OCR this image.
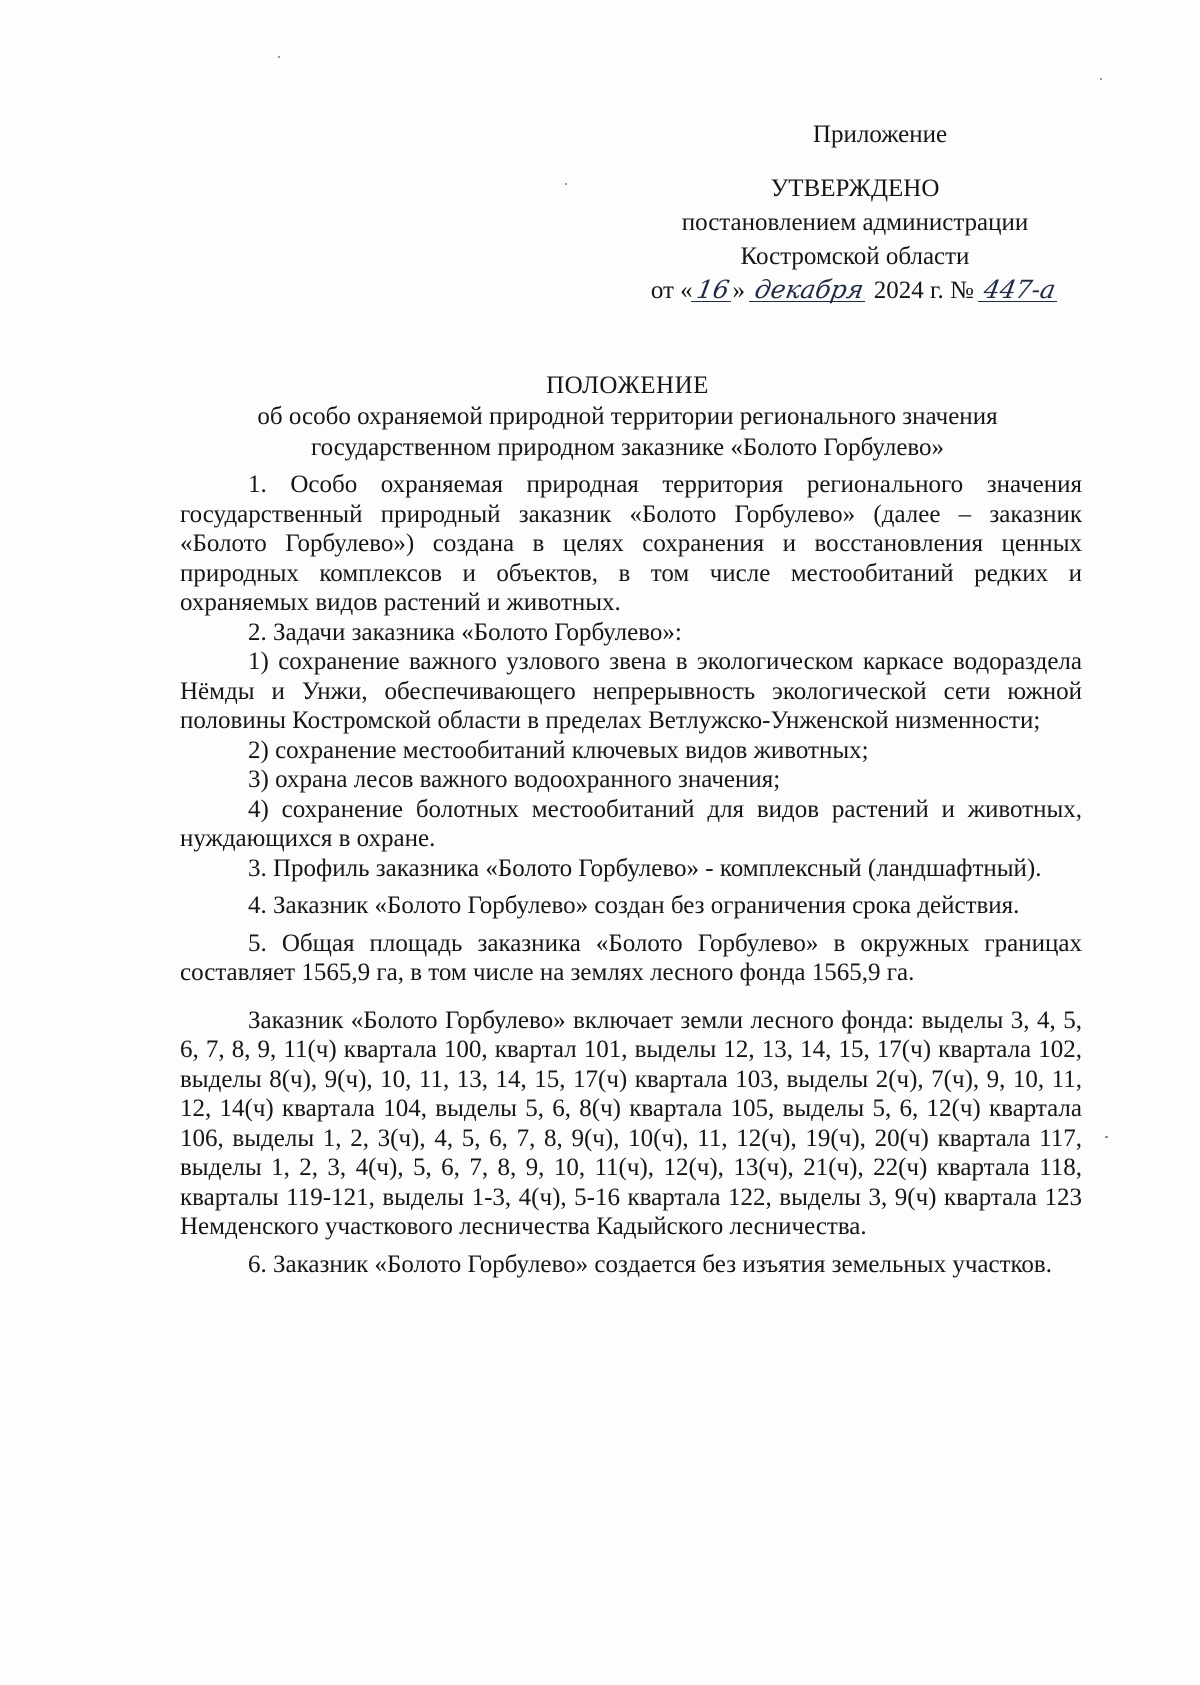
Приложение
УТВЕРЖДЕНО
постановлением администрации
Костромской области
от «16» декабря 2024 г. № 447-а
ПОЛОЖЕНИЕ
об особо охраняемой природной территории регионального значения
государственном природном заказнике «Болото Горбулево»

1. Особо охраняемая природная территория регионального значения государственный природный заказник «Болото Горбулево» (далее – заказник «Болото Горбулево») создана в целях сохранения и восстановления ценных природных комплексов и объектов, в том числе местообитаний редких и охраняемых видов растений и животных.

2. Задачи заказника «Болото Горбулево»:

1) сохранение важного узлового звена в экологическом каркасе водораздела Нёмды и Унжи, обеспечивающего непрерывность экологической сети южной половины Костромской области в пределах Ветлужско-Унженской низменности;

2) сохранение местообитаний ключевых видов животных;

3) охрана лесов важного водоохранного значения;

4) сохранение болотных местообитаний для видов растений и животных, нуждающихся в охране.

3. Профиль заказника «Болото Горбулево» - комплексный (ландшафтный).

4. Заказник «Болото Горбулево» создан без ограничения срока действия.

5. Общая площадь заказника «Болото Горбулево» в окружных границах составляет 1565,9 га, в том числе на землях лесного фонда 1565,9 га.

Заказник «Болото Горбулево» включает земли лесного фонда: выделы 3, 4, 5, 6, 7, 8, 9, 11(ч) квартала 100, квартал 101, выделы 12, 13, 14, 15, 17(ч) квартала 102, выделы 8(ч), 9(ч), 10, 11, 13, 14, 15, 17(ч) квартала 103, выделы 2(ч), 7(ч), 9, 10, 11, 12, 14(ч) квартала 104, выделы 5, 6, 8(ч) квартала 105, выделы 5, 6, 12(ч) квартала 106, выделы 1, 2, 3(ч), 4, 5, 6, 7, 8, 9(ч), 10(ч), 11, 12(ч), 19(ч), 20(ч) квартала 117, выделы 1, 2, 3, 4(ч), 5, 6, 7, 8, 9, 10, 11(ч), 12(ч), 13(ч), 21(ч), 22(ч) квартала 118, кварталы 119-121, выделы 1-3, 4(ч), 5-16 квартала 122, выделы 3, 9(ч) квартала 123 Немденского участкового лесничества Кадыйского лесничества.

6. Заказник «Болото Горбулево» создается без изъятия земельных участков.
